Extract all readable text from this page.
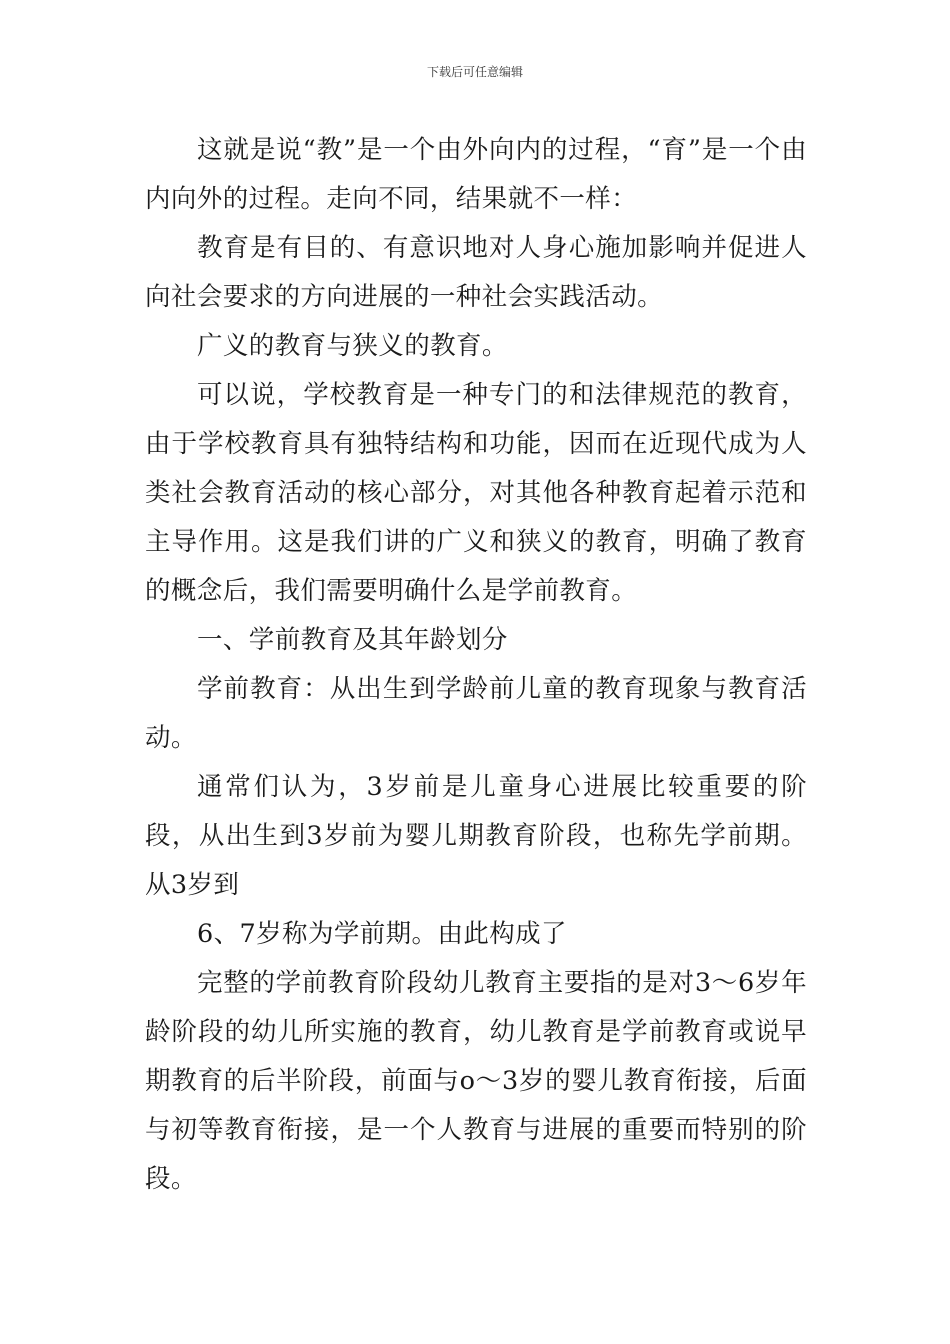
下载后可任意编辑

这就是说“教”是一个由外向内的过程，“育”是一个由内向外的过程。走向不同，结果就不一样：

教育是有目的、有意识地对人身心施加影响并促进人向社会要求的方向进展的一种社会实践活动。

广义的教育与狭义的教育。

可以说，学校教育是一种专门的和法律规范的教育，由于学校教育具有独特结构和功能，因而在近现代成为人类社会教育活动的核心部分，对其他各种教育起着示范和主导作用。这是我们讲的广义和狭义的教育，明确了教育的概念后，我们需要明确什么是学前教育。

一、学前教育及其年龄划分

学前教育：从出生到学龄前儿童的教育现象与教育活动。

通常们认为，3岁前是儿童身心进展比较重要的阶段，从出生到3岁前为婴儿期教育阶段，也称先学前期。从3岁到

6、7岁称为学前期。由此构成了

完整的学前教育阶段幼儿教育主要指的是对3～6岁年龄阶段的幼儿所实施的教育，幼儿教育是学前教育或说早期教育的后半阶段，前面与o～3岁的婴儿教育衔接，后面与初等教育衔接，是一个人教育与进展的重要而特别的阶段。
